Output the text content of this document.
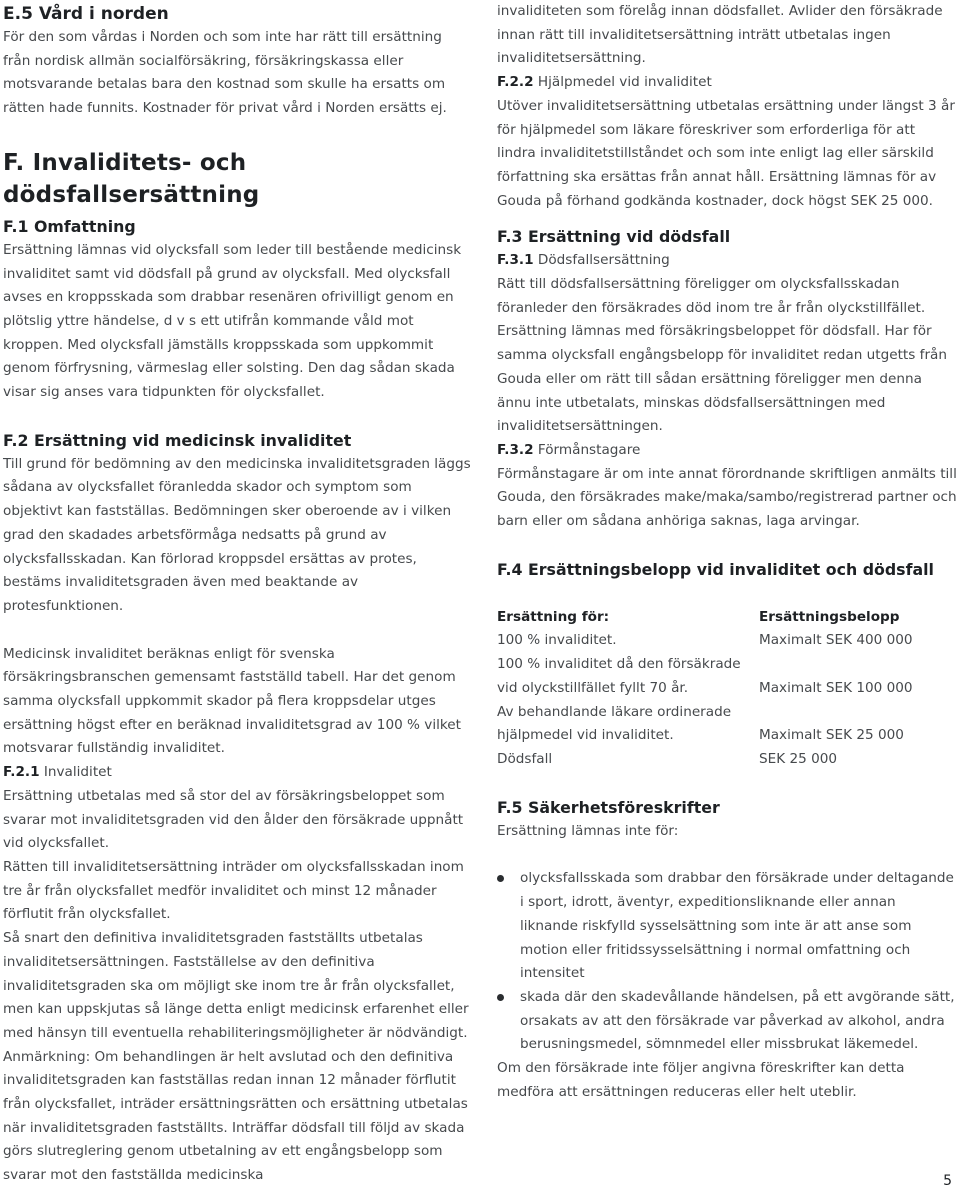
E.5 Vård i norden

För den som vårdas i Norden och som inte har rätt till ersättning från nordisk allmän socialförsäkring, försäkringskassa eller motsvarande betalas bara den kostnad som skulle ha ersatts om rätten hade funnits. Kostnader för privat vård i Norden ersätts ej.

F. Invaliditets- och dödsfallsersättning
F.1 Omfattning

Ersättning lämnas vid olycksfall som leder till bestående medicinsk invaliditet samt vid dödsfall på grund av olycksfall. Med olycksfall avses en kroppsskada som drabbar resenären ofrivilligt genom en plötslig yttre händelse, d v s ett utifrån kommande våld mot kroppen. Med olycksfall jämställs kroppsskada som uppkommit genom förfrysning, värmeslag eller solsting. Den dag sådan skada visar sig anses vara tidpunkten för olycksfallet.

F.2 Ersättning vid medicinsk invaliditet

Till grund för bedömning av den medicinska invaliditetsgraden läggs sådana av olycksfallet föranledda skador och symptom som objektivt kan fastställas. Bedömningen sker oberoende av i vilken grad den skadades arbetsförmåga nedsatts på grund av olycksfallsskadan. Kan förlorad kroppsdel ersättas av protes, bestäms invaliditetsgraden även med beaktande av protesfunktionen.

Medicinsk invaliditet beräknas enligt för svenska försäkringsbranschen gemensamt fastställd tabell. Har det genom samma olycksfall uppkommit skador på flera kroppsdelar utges ersättning högst efter en beräknad invaliditetsgrad av 100 % vilket motsvarar fullständig invaliditet.

F.2.1 Invaliditet

Ersättning utbetalas med så stor del av försäkringsbeloppet som svarar mot invaliditetsgraden vid den ålder den försäkrade uppnått vid olycksfallet.

Rätten till invaliditetsersättning inträder om olycksfallsskadan inom tre år från olycksfallet medför invaliditet och minst 12 månader förflutit från olycksfallet.

Så snart den definitiva invaliditetsgraden fastställts utbetalas invaliditetsersättningen. Fastställelse av den definitiva invaliditetsgraden ska om möjligt ske inom tre år från olycksfallet, men kan uppskjutas så länge detta enligt medicinsk erfarenhet eller med hänsyn till eventuella rehabiliteringsmöjligheter är nödvändigt.

Anmärkning: Om behandlingen är helt avslutad och den definitiva invaliditetsgraden kan fastställas redan innan 12 månader förflutit från olycksfallet, inträder ersättningsrätten och ersättning utbetalas när invaliditetsgraden fastställts. Inträffar dödsfall till följd av skada görs slutreglering genom utbetalning av ett engångsbelopp som svarar mot den fastställda medicinska

invaliditeten som förelåg innan dödsfallet. Avlider den försäkrade innan rätt till invaliditetsersättning inträtt utbetalas ingen invaliditetsersättning.

F.2.2 Hjälpmedel vid invaliditet

Utöver invaliditetsersättning utbetalas ersättning under längst 3 år för hjälpmedel som läkare föreskriver som erforderliga för att lindra invaliditetstillståndet och som inte enligt lag eller särskild författning ska ersättas från annat håll. Ersättning lämnas för av Gouda på förhand godkända kostnader, dock högst SEK 25 000.

F.3 Ersättning vid dödsfall

F.3.1 Dödsfallsersättning

Rätt till dödsfallsersättning föreligger om olycksfallsskadan föranleder den försäkrades död inom tre år från olyckstillfället. Ersättning lämnas med försäkringsbeloppet för dödsfall. Har för samma olycksfall engångsbelopp för invaliditet redan utgetts från Gouda eller om rätt till sådan ersättning föreligger men denna ännu inte utbetalats, minskas dödsfallsersättningen med invaliditetsersättningen.

F.3.2 Förmånstagare

Förmånstagare är om inte annat förordnande skriftligen anmälts till Gouda, den försäkrades make/maka/sambo/registrerad partner och barn eller om sådana anhöriga saknas, laga arvingar.

F.4 Ersättningsbelopp vid invaliditet och dödsfall
Ersättning för:	Ersättningsbelopp
100 % invaliditet.	Maximalt SEK 400 000
100 % invaliditet då den försäkrade	
vid olyckstillfället fyllt 70 år.	Maximalt SEK 100 000
Av behandlande läkare ordinerade	
hjälpmedel vid invaliditet.	Maximalt SEK 25 000
Dödsfall	SEK 25 000
F.5 Säkerhetsföreskrifter

Ersättning lämnas inte för:

olycksfallsskada som drabbar den försäkrade under deltagande i sport, idrott, äventyr, expeditionsliknande eller annan liknande riskfylld sysselsättning som inte är att anse som motion eller fritidssysselsättning i normal omfattning och intensitet
skada där den skadevållande händelsen, på ett avgörande sätt, orsakats av att den försäkrade var påverkad av alkohol, andra berusningsmedel, sömnmedel eller missbrukat läkemedel.

Om den försäkrade inte följer angivna föreskrifter kan detta medföra att ersättningen reduceras eller helt uteblir.

5
